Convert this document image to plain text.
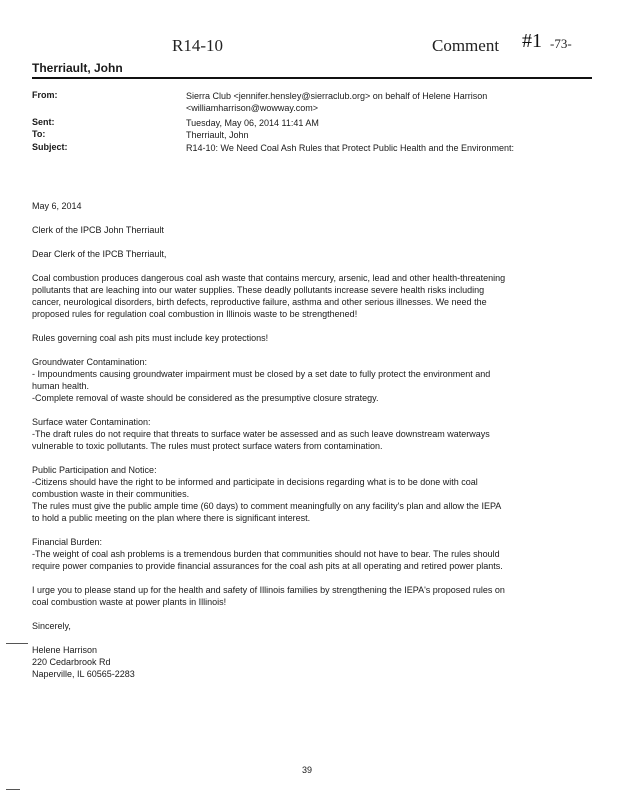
R14-10	Comment #1 -73-
Therriault, John
From:	Sierra Club <jennifer.hensley@sierraclub.org> on behalf of Helene Harrison
<williamharrison@wowway.com>
Sent:	Tuesday, May 06, 2014 11:41 AM
To:	Therriault, John
Subject:	R14-10: We Need Coal Ash Rules that Protect Public Health and the Environment:
May 6, 2014
Clerk of the IPCB John Therriault
Dear Clerk of the IPCB Therriault,
Coal combustion produces dangerous coal ash waste that contains mercury, arsenic, lead and other health-threatening
pollutants that are leaching into our water supplies. These deadly pollutants increase severe health risks including
cancer, neurological disorders, birth defects, reproductive failure, asthma and other serious illnesses. We need the
proposed rules for regulation coal combustion in Illinois waste to be strengthened!
Rules governing coal ash pits must include key protections!
Groundwater Contamination:
- Impoundments causing groundwater impairment must be closed by a set date to fully protect the environment and
human health.
-Complete removal of waste should be considered as the presumptive closure strategy.
Surface water Contamination:
-The draft rules do not require that threats to surface water be assessed and as such leave downstream waterways
vulnerable to toxic pollutants. The rules must protect surface waters from contamination.
Public Participation and Notice:
-Citizens should have the right to be informed and participate in decisions regarding what is to be done with coal
combustion waste in their communities.
The rules must give the public ample time (60 days) to comment meaningfully on any facility's plan and allow the IEPA
to hold a public meeting on the plan where there is significant interest.
Financial Burden:
-The weight of coal ash problems is a tremendous burden that communities should not have to bear. The rules should
require power companies to provide financial assurances for the coal ash pits at all operating and retired power plants.
I urge you to please stand up for the health and safety of Illinois families by strengthening the IEPA's proposed rules on
coal combustion waste at power plants in Illinois!
Sincerely,
Helene Harrison
220 Cedarbrook Rd
Naperville, IL 60565-2283
39
